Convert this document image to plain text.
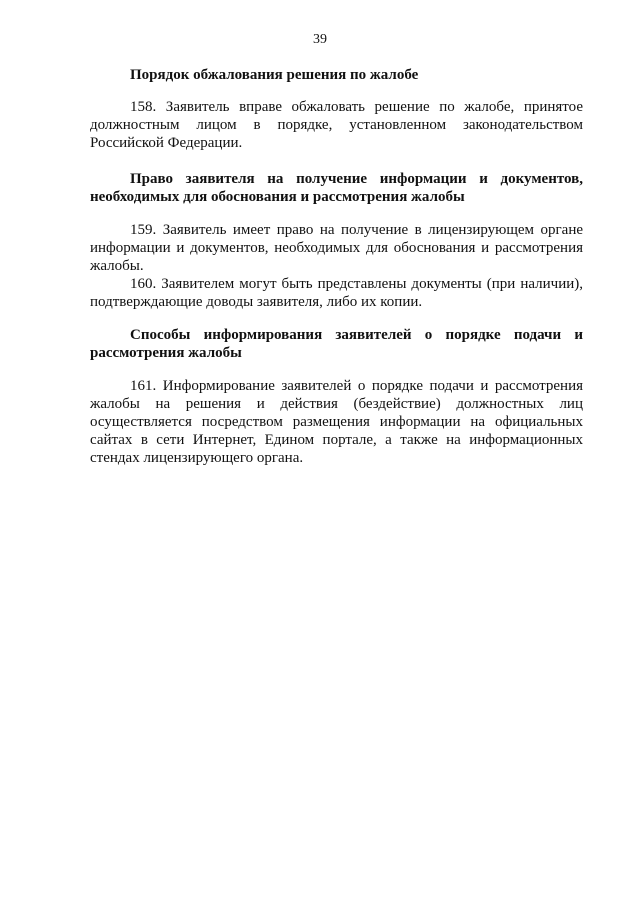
39
Порядок обжалования решения по жалобе

158. Заявитель вправе обжаловать решение по жалобе, принятое должностным лицом в порядке, установленном законодательством Российской Федерации.

Право заявителя на получение информации и документов, необходимых для обоснования и рассмотрения жалобы

159. Заявитель имеет право на получение в лицензирующем органе информации и документов, необходимых для обоснования и рассмотрения жалобы.

160. Заявителем могут быть представлены документы (при наличии), подтверждающие доводы заявителя, либо их копии.

Способы информирования заявителей о порядке подачи и рассмотрения жалобы

161. Информирование заявителей о порядке подачи и рассмотрения жалобы на решения и действия (бездействие) должностных лиц осуществляется посредством размещения информации на официальных сайтах в сети Интернет, Едином портале, а также на информационных стендах лицензирующего органа.
